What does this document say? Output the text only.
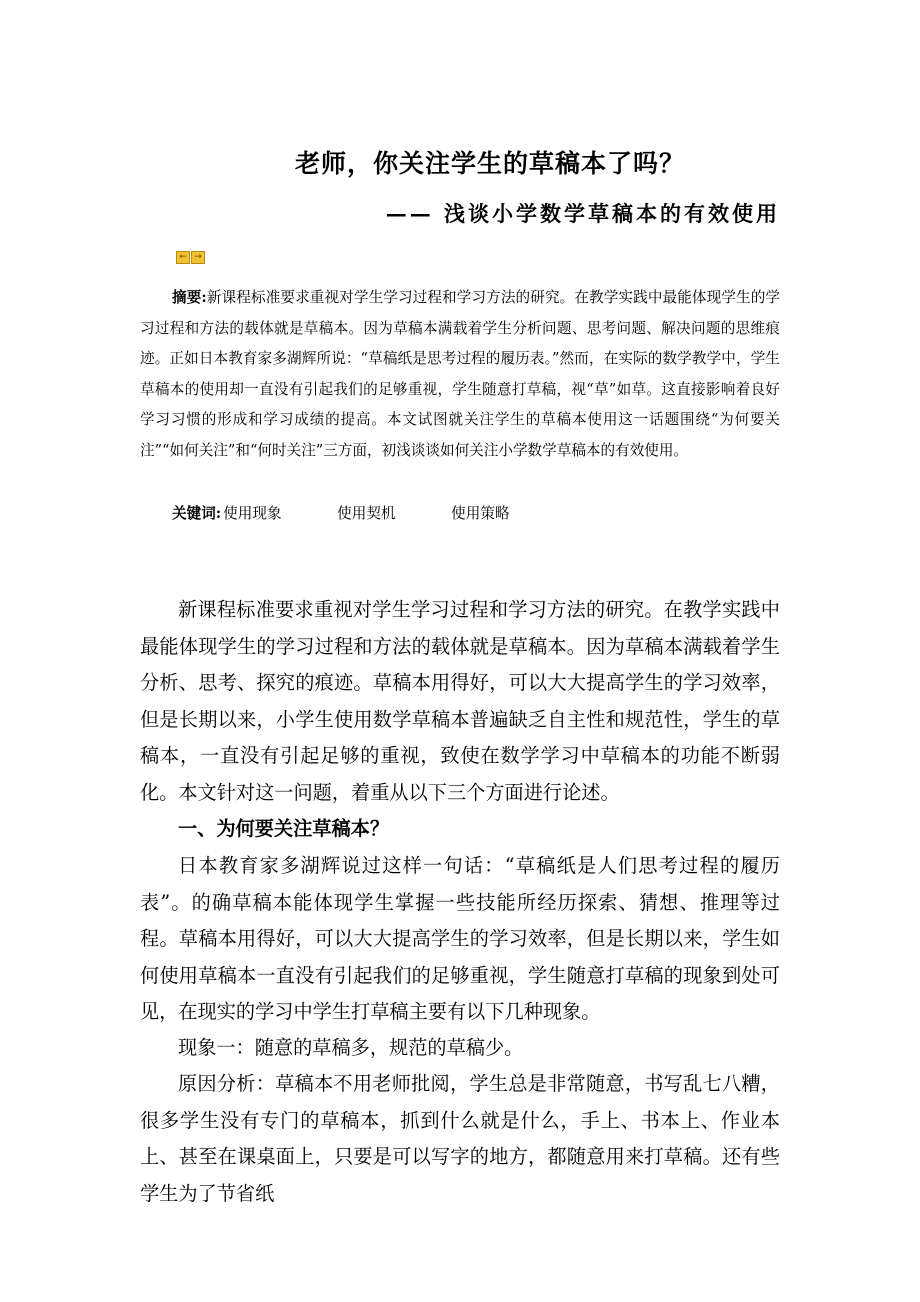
老师，你关注学生的草稿本了吗？
—— 浅谈小学数学草稿本的有效使用
← →

摘要:新课程标准要求重视对学生学习过程和学习方法的研究。在教学实践中最能体现学生的学习过程和方法的载体就是草稿本。因为草稿本满载着学生分析问题、思考问题、解决问题的思维痕迹。正如日本教育家多湖辉所说：“草稿纸是思考过程的履历表。”然而，在实际的数学教学中，学生草稿本的使用却一直没有引起我们的足够重视，学生随意打草稿，视“草”如草。这直接影响着良好学习习惯的形成和学习成绩的提高。本文试图就关注学生的草稿本使用这一话题围绕“为何要关注”“如何关注”和“何时关注”三方面，初浅谈谈如何关注小学数学草稿本的有效使用。

关键词: 使用现象	使用契机	使用策略

新课程标准要求重视对学生学习过程和学习方法的研究。在教学实践中最能体现学生的学习过程和方法的载体就是草稿本。因为草稿本满载着学生分析、思考、探究的痕迹。草稿本用得好，可以大大提高学生的学习效率，但是长期以来，小学生使用数学草稿本普遍缺乏自主性和规范性，学生的草稿本，一直没有引起足够的重视，致使在数学学习中草稿本的功能不断弱化。本文针对这一问题，着重从以下三个方面进行论述。

一、为何要关注草稿本？

日本教育家多湖辉说过这样一句话：“草稿纸是人们思考过程的履历表”。的确草稿本能体现学生掌握一些技能所经历探索、猜想、推理等过程。草稿本用得好，可以大大提高学生的学习效率，但是长期以来，学生如何使用草稿本一直没有引起我们的足够重视，学生随意打草稿的现象到处可见，在现实的学习中学生打草稿主要有以下几种现象。

现象一：随意的草稿多，规范的草稿少。

原因分析：草稿本不用老师批阅，学生总是非常随意，书写乱七八糟，很多学生没有专门的草稿本，抓到什么就是什么，手上、书本上、作业本上、甚至在课桌面上，只要是可以写字的地方，都随意用来打草稿。还有些学生为了节省纸
